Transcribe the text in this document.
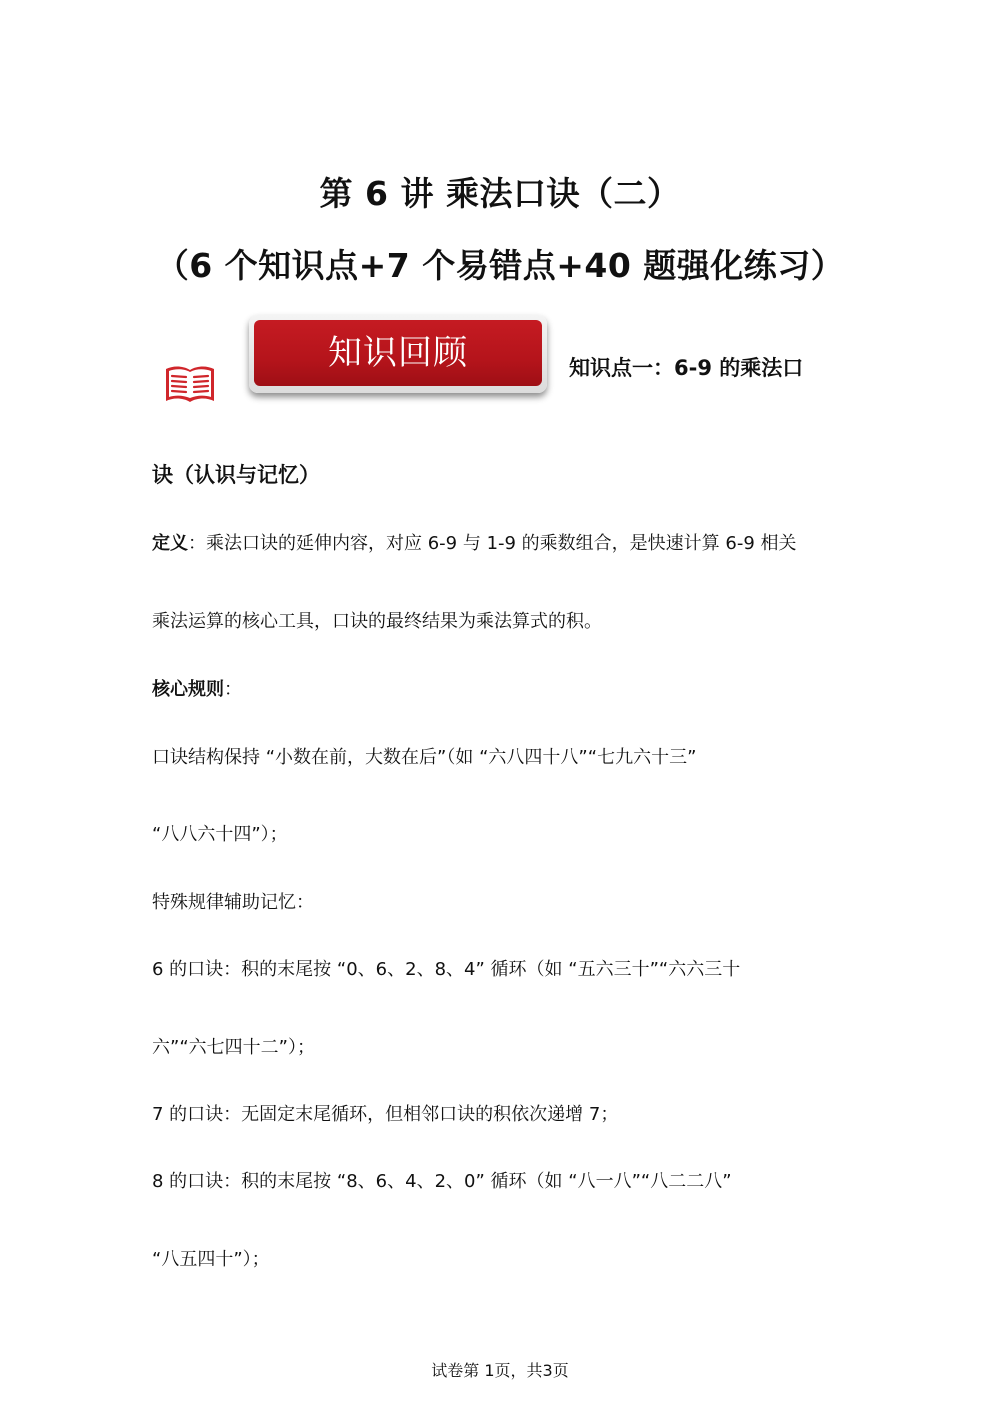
第 6 讲 乘法口诀（二）
（6 个知识点+7 个易错点+40 题强化练习）
知识回顾	知识点一：6-9 的乘法口
诀（认识与记忆）
定义：乘法口诀的延伸内容，对应 6-9 与 1-9 的乘数组合，是快速计算 6-9 相关
乘法运算的核心工具，口诀的最终结果为乘法算式的积。
核心规则：
口诀结构保持 “小数在前，大数在后”（如 “六八四十八”“七九六十三”
“八八六十四”）；
特殊规律辅助记忆：
6 的口诀：积的末尾按 “0、6、2、8、4” 循环（如 “五六三十”“六六三十
六”“六七四十二”）；
7 的口诀：无固定末尾循环，但相邻口诀的积依次递增 7；
8 的口诀：积的末尾按 “8、6、4、2、0” 循环（如 “八一八”“八二二八”
“八五四十”）；
试卷第 1页，共3页
